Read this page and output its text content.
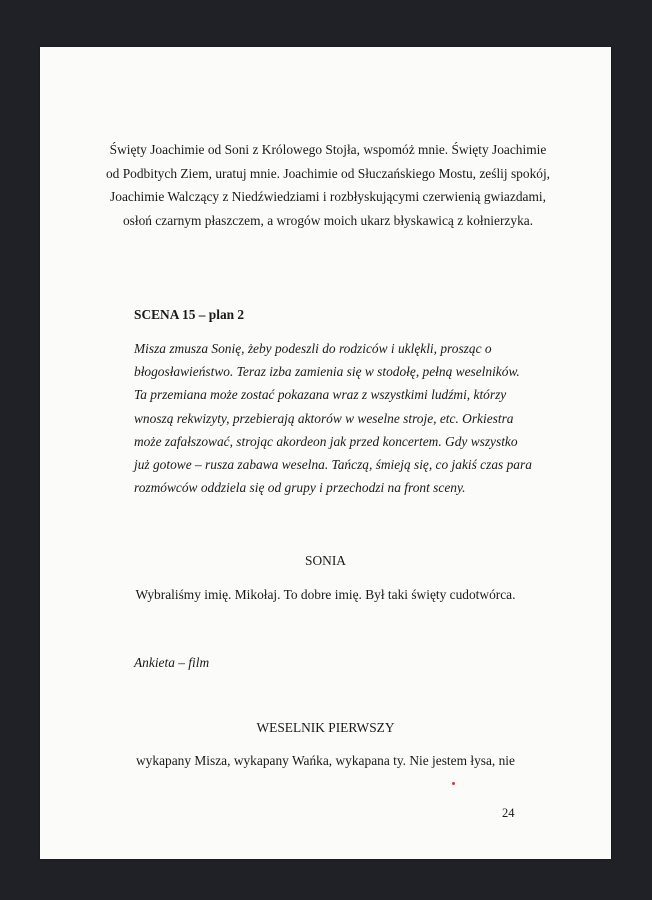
Święty Joachimie od Soni z Królowego Stojła, wspomóż mnie. Święty Joachimie od Podbitych Ziem, uratuj mnie. Joachimie od Słuczańskiego Mostu, ześlij spokój, Joachimie Walczący z Niedźwiedziami i rozbłyskującymi czerwienią gwiazdami, osłoń czarnym płaszczem, a wrogów moich ukarz błyskawicą z kołnierzyka.

SCENA 15 – plan 2

Misza zmusza Sonię, żeby podeszli do rodziców i uklękli, prosząc o błogosławieństwo. Teraz izba zamienia się w stodołę, pełną weselników. Ta przemiana może zostać pokazana wraz z wszystkimi ludźmi, którzy wnoszą rekwizyty, przebierają aktorów w weselne stroje, etc. Orkiestra może zafałszować, strojąc akordeon jak przed koncertem. Gdy wszystko już gotowe – rusza zabawa weselna. Tańczą, śmieją się, co jakiś czas para rozmówców oddziela się od grupy i przechodzi na front sceny.

SONIA

Wybraliśmy imię. Mikołaj. To dobre imię. Był taki święty cudotwórca.

Ankieta – film

WESELNIK PIERWSZY

wykapany Misza, wykapany Wańka, wykapana ty. Nie jestem łysa, nie

24
